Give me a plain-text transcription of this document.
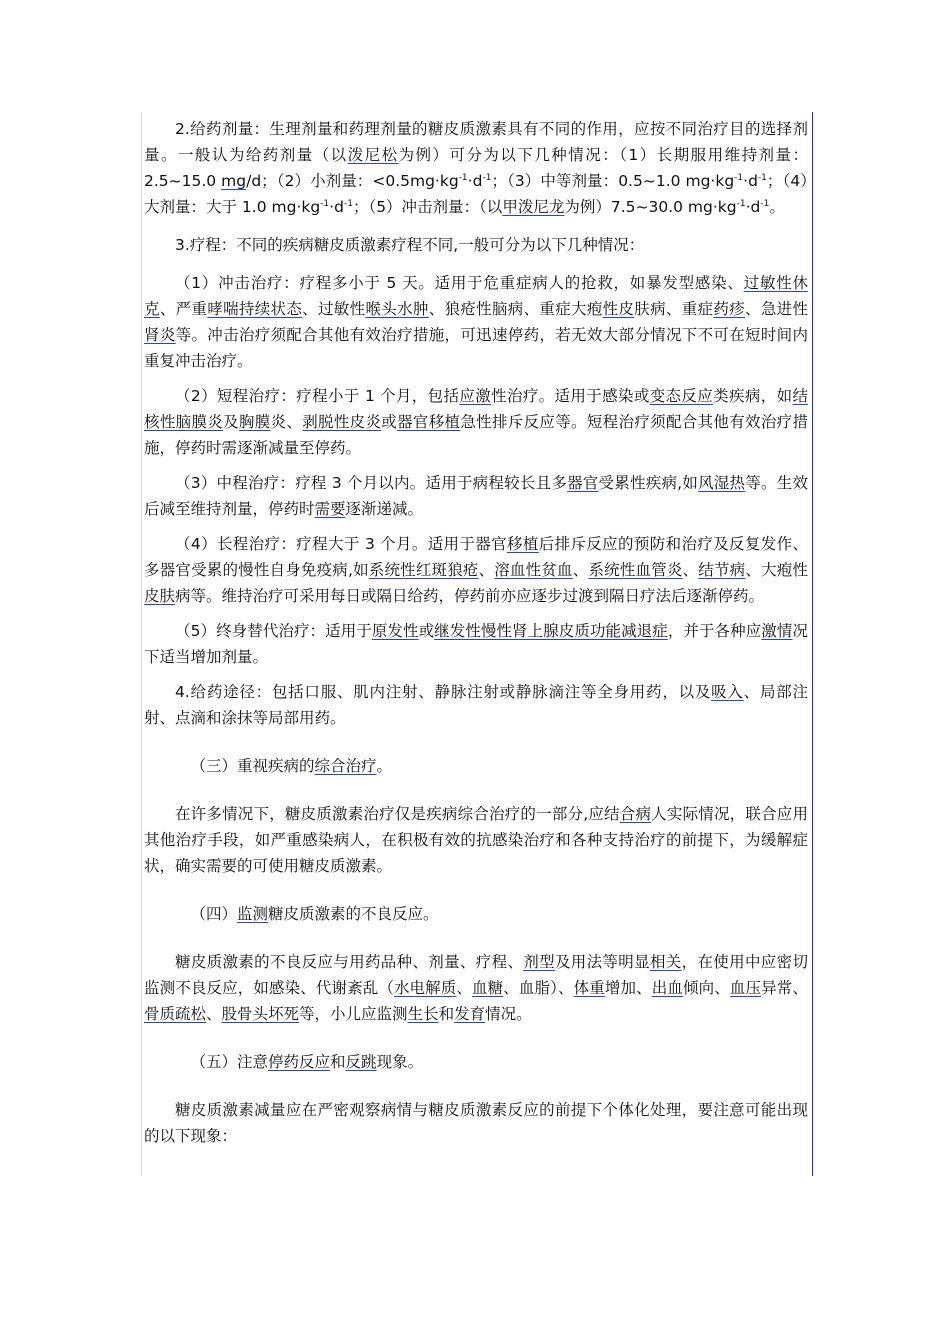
2.给药剂量：生理剂量和药理剂量的糖皮质激素具有不同的作用，应按不同治疗目的选择剂量。一般认为给药剂量（以泼尼松为例）可分为以下几种情况：（1）长期服用维持剂量：2.5~15.0 mg/d；（2）小剂量：$<0.5mg\cdot kg^{-1}\cdot d^{-1}$；（3）中等剂量：0.5~1.0 $mg\cdot kg^{-1}\cdot d^{-1}$；（4）大剂量：大于 1.0 $mg\cdot kg^{-1}\cdot d^{-1}$；（5）冲击剂量：（以甲泼尼龙为例）7.5~30.0 $mg\cdot kg^{-1}\cdot d^{-1}$。

3.疗程：不同的疾病糖皮质激素疗程不同,一般可分为以下几种情况：

（1）冲击治疗：疗程多小于 5 天。适用于危重症病人的抢救，如暴发型感染、过敏性休克、严重哮喘持续状态、过敏性喉头水肿、狼疮性脑病、重症大疱性皮肤病、重症药疹、急进性肾炎等。冲击治疗须配合其他有效治疗措施，可迅速停药，若无效大部分情况下不可在短时间内重复冲击治疗。

（2）短程治疗：疗程小于 1 个月，包括应激性治疗。适用于感染或变态反应类疾病，如结核性脑膜炎及胸膜炎、剥脱性皮炎或器官移植急性排斥反应等。短程治疗须配合其他有效治疗措施，停药时需逐渐减量至停药。

（3）中程治疗：疗程 3 个月以内。适用于病程较长且多器官受累性疾病,如风湿热等。生效后减至维持剂量，停药时需要逐渐递减。

（4）长程治疗：疗程大于 3 个月。适用于器官移植后排斥反应的预防和治疗及反复发作、多器官受累的慢性自身免疫病,如系统性红斑狼疮、溶血性贫血、系统性血管炎、结节病、大疱性皮肤病等。维持治疗可采用每日或隔日给药，停药前亦应逐步过渡到隔日疗法后逐渐停药。

（5）终身替代治疗：适用于原发性或继发性慢性肾上腺皮质功能减退症，并于各种应激情况下适当增加剂量。

4.给药途径：包括口服、肌内注射、静脉注射或静脉滴注等全身用药，以及吸入、局部注射、点滴和涂抹等局部用药。

（三）重视疾病的综合治疗。

在许多情况下，糖皮质激素治疗仅是疾病综合治疗的一部分,应结合病人实际情况，联合应用其他治疗手段，如严重感染病人，在积极有效的抗感染治疗和各种支持治疗的前提下，为缓解症状，确实需要的可使用糖皮质激素。

（四）监测糖皮质激素的不良反应。

糖皮质激素的不良反应与用药品种、剂量、疗程、剂型及用法等明显相关，在使用中应密切监测不良反应，如感染、代谢紊乱（水电解质、血糖、血脂）、体重增加、出血倾向、血压异常、骨质疏松、股骨头坏死等，小儿应监测生长和发育情况。

（五）注意停药反应和反跳现象。

糖皮质激素减量应在严密观察病情与糖皮质激素反应的前提下个体化处理，要注意可能出现的以下现象：
